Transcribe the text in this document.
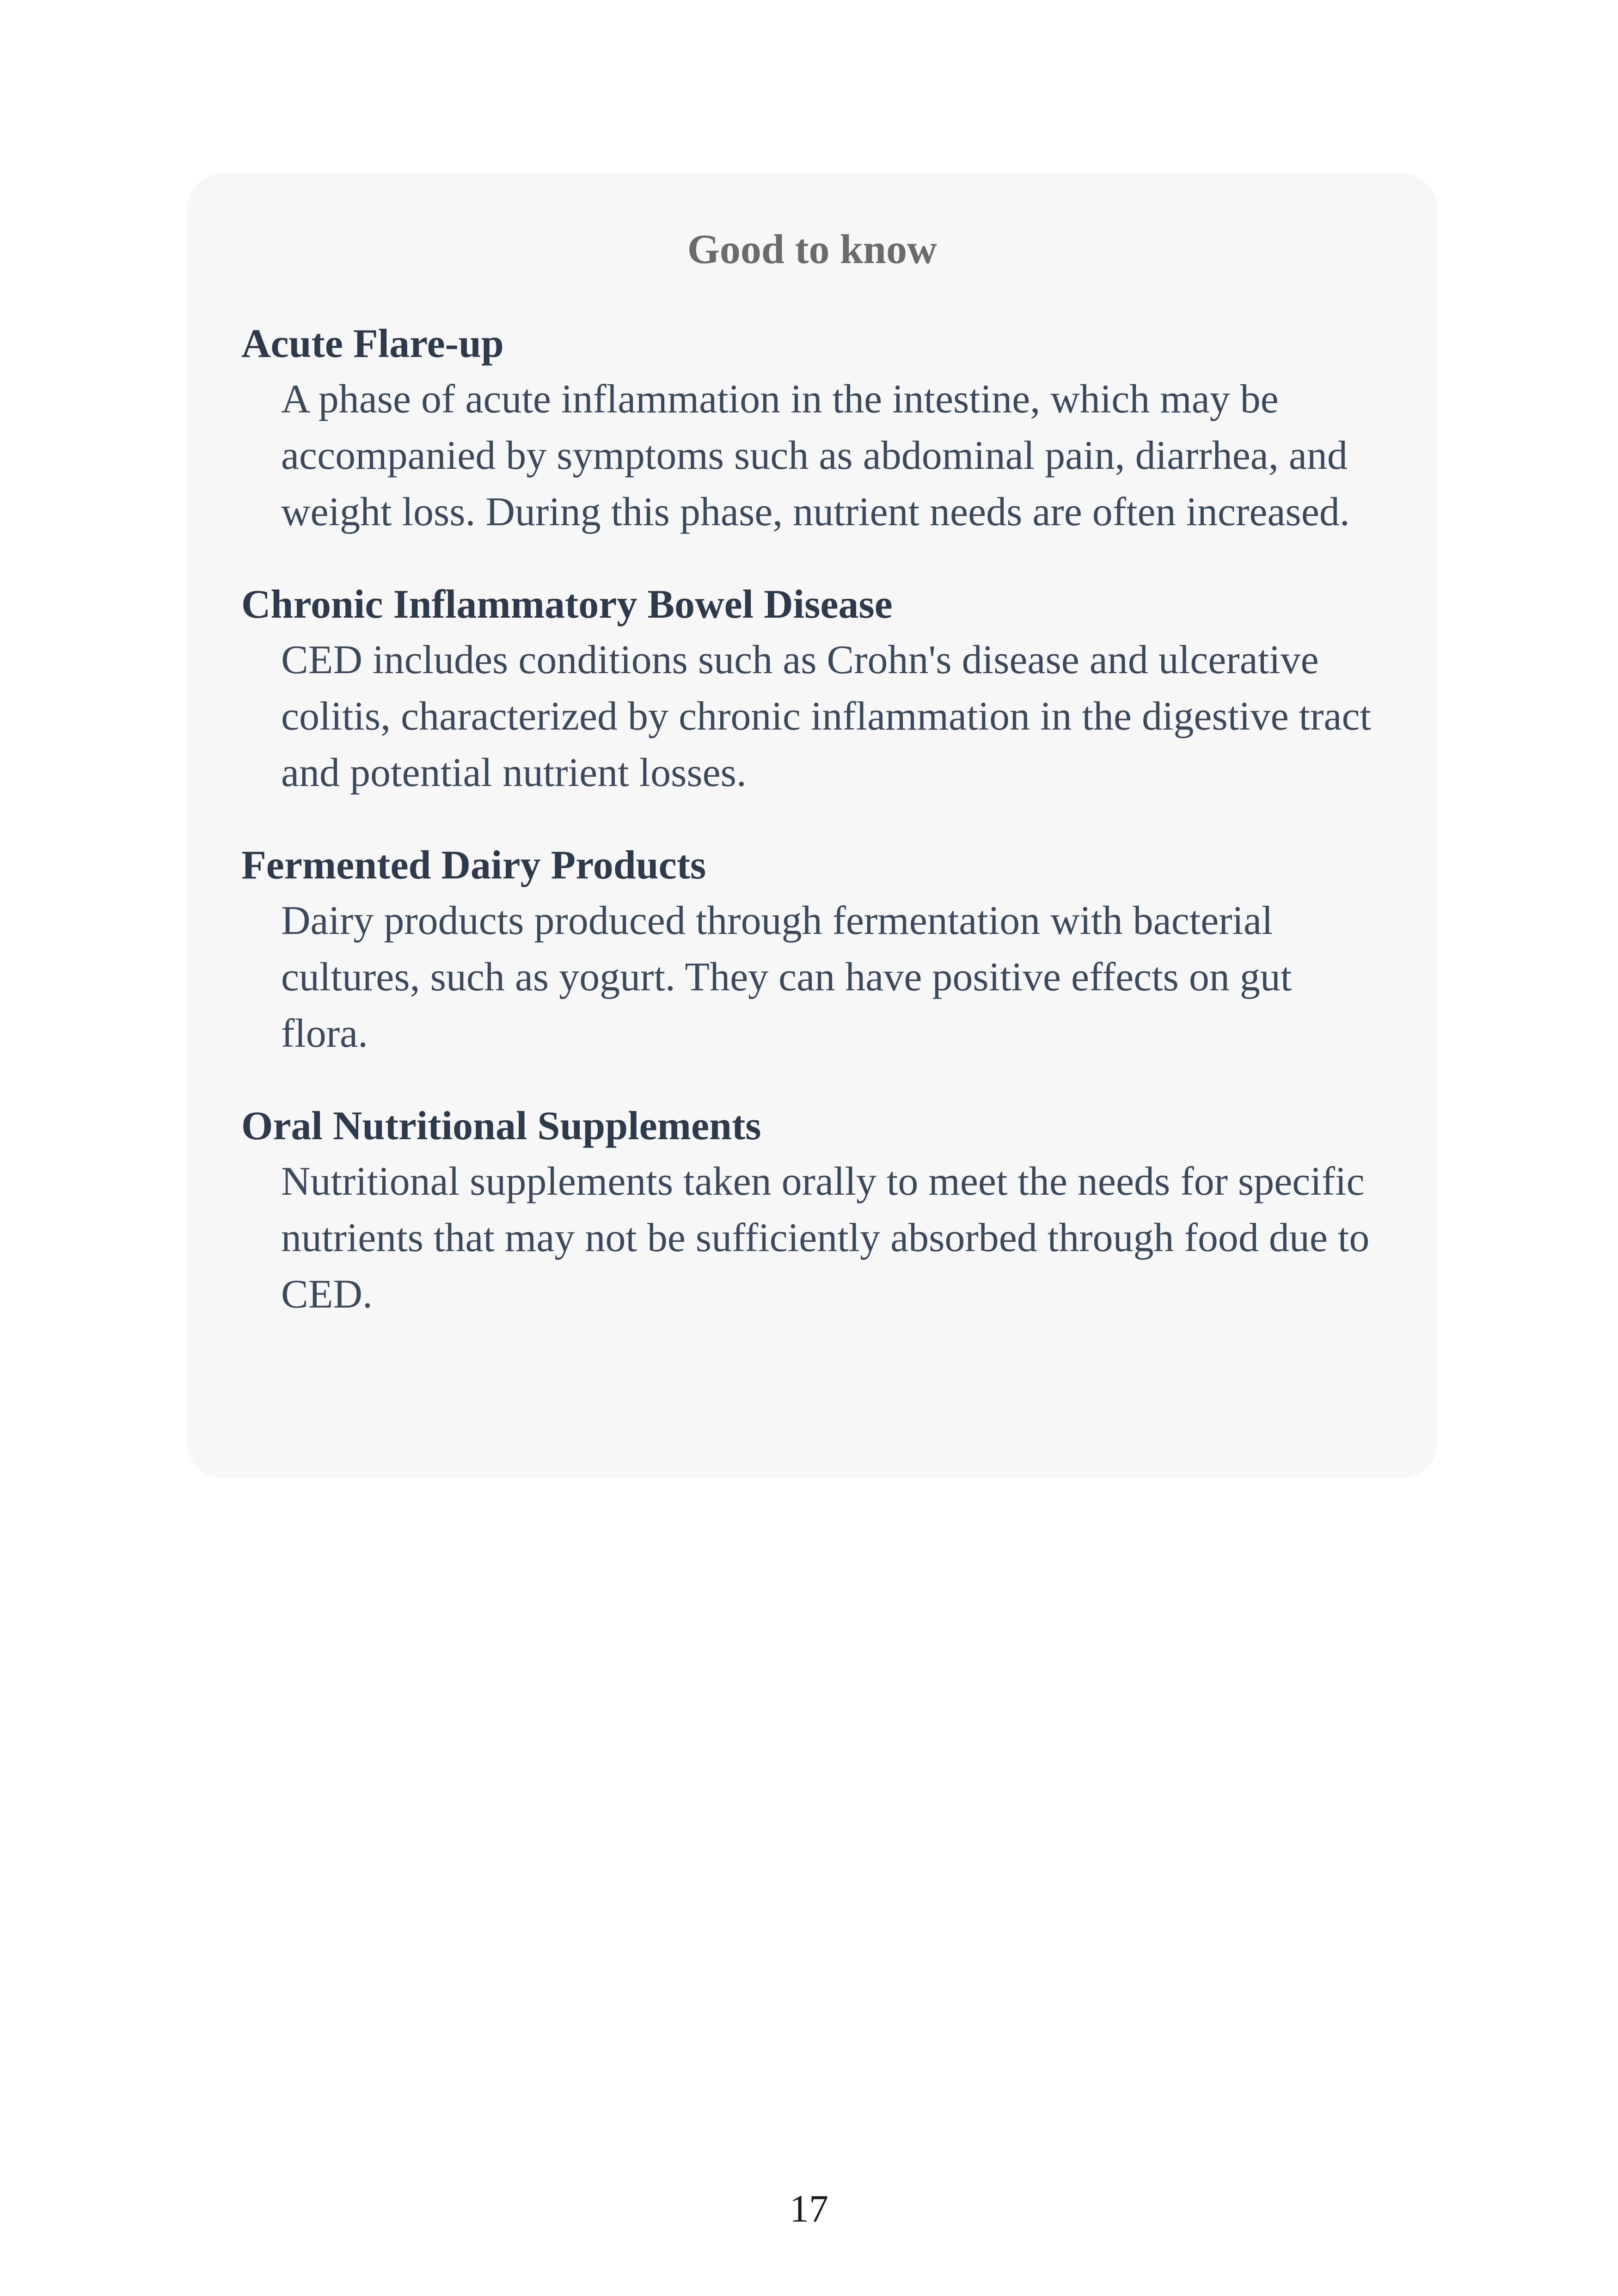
Good to know
Acute Flare-up
A phase of acute inflammation in the intestine, which may be accompanied by symptoms such as abdominal pain, diarrhea, and weight loss. During this phase, nutrient needs are often increased.
Chronic Inflammatory Bowel Disease
CED includes conditions such as Crohn's disease and ulcerative colitis, characterized by chronic inflammation in the digestive tract and potential nutrient losses.
Fermented Dairy Products
Dairy products produced through fermentation with bacterial cultures, such as yogurt. They can have positive effects on gut flora.
Oral Nutritional Supplements
Nutritional supplements taken orally to meet the needs for specific nutrients that may not be sufficiently absorbed through food due to CED.
17
